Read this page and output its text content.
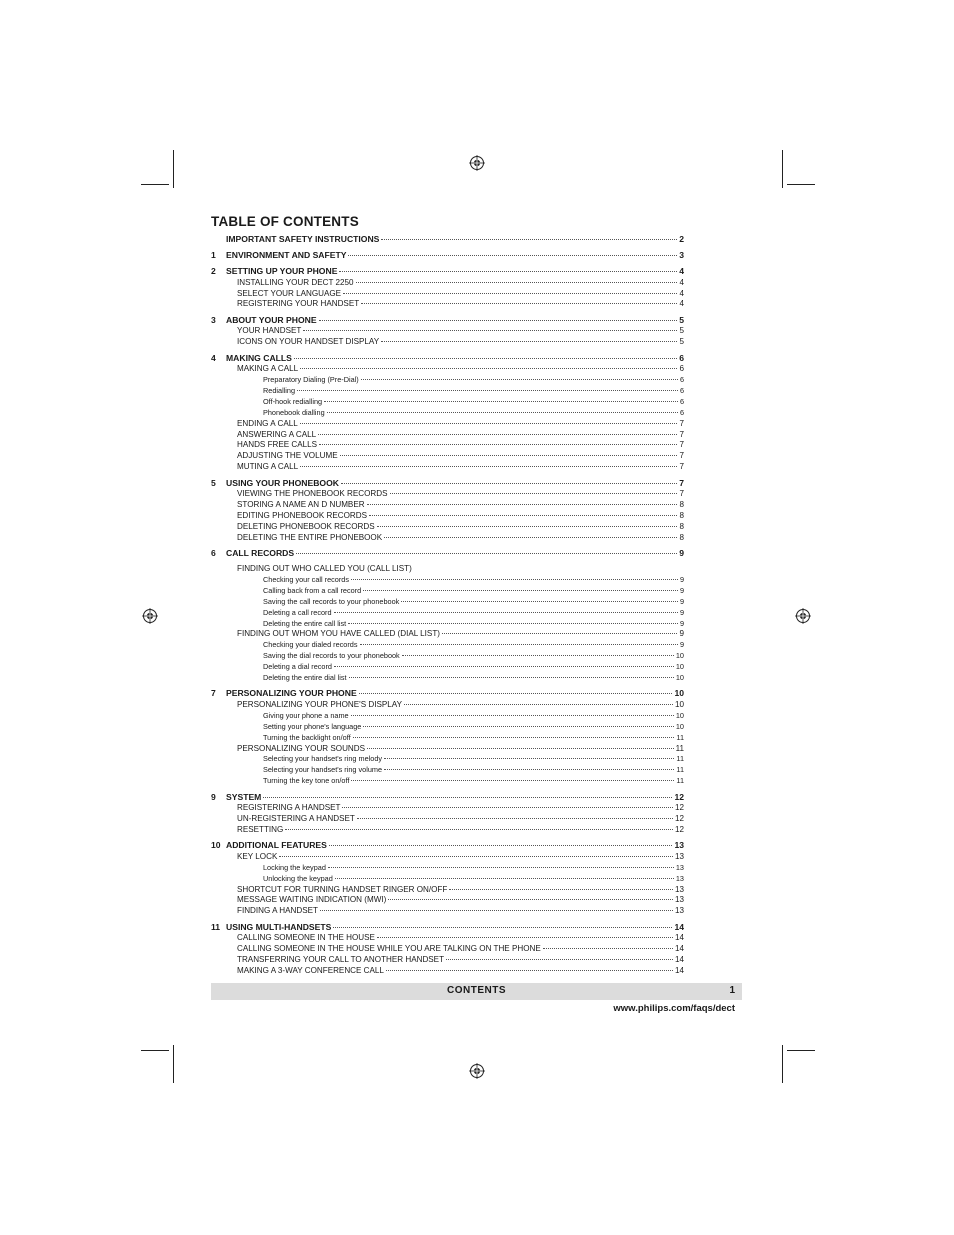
TABLE OF CONTENTS
IMPORTANT SAFETY INSTRUCTIONS	2
1	ENVIRONMENT AND SAFETY	3
2	SETTING UP YOUR PHONE	4
INSTALLING YOUR DECT 2250	4
SELECT YOUR LANGUAGE	4
REGISTERING YOUR HANDSET	4
3	ABOUT YOUR PHONE	5
YOUR HANDSET	5
ICONS ON YOUR HANDSET DISPLAY	5
4	MAKING CALLS	6
MAKING A CALL	6
Preparatory Dialing (Pre-Dial)	6
Redialling	6
Off-hook redialling	6
Phonebook dialling	6
ENDING A CALL	7
ANSWERING A CALL	7
HANDS FREE CALLS	7
ADJUSTING THE VOLUME	7
MUTING A CALL	7
5	USING YOUR PHONEBOOK	7
VIEWING THE PHONEBOOK RECORDS	7
STORING A NAME AN D NUMBER	8
EDITING PHONEBOOK RECORDS	8
DELETING PHONEBOOK RECORDS	8
DELETING THE ENTIRE PHONEBOOK	8
6	CALL RECORDS	9
FINDING OUT WHO CALLED YOU (CALL LIST)
Checking your call records	9
Calling back from a call record	9
Saving the call records to your phonebook	9
Deleting a call record	9
Deleting the entire call list	9
FINDING OUT WHOM YOU HAVE CALLED (DIAL LIST)	9
Checking your dialed records	9
Saving the dial records to your phonebook	10
Deleting a dial record	10
Deleting the entire dial list	10
7	PERSONALIZING YOUR PHONE	10
PERSONALIZING YOUR PHONE'S DISPLAY	10
Giving your phone a name	10
Setting your phone's language	10
Turning the backlight on/off	11
PERSONALIZING YOUR SOUNDS	11
Selecting your handset's ring melody	11
Selecting your handset's ring volume	11
Turning the key tone on/off	11
9	SYSTEM	12
REGISTERING A HANDSET	12
UN-REGISTERING A HANDSET	12
RESETTING	12
10 ADDITIONAL FEATURES	13
KEY LOCK	13
Locking the keypad	13
Unlocking the keypad	13
SHORTCUT FOR TURNING HANDSET RINGER ON/OFF	13
MESSAGE WAITING INDICATION (MWI)	13
FINDING A HANDSET	13
11 USING MULTI-HANDSETS	14
CALLING SOMEONE IN THE HOUSE	14
CALLING SOMEONE IN THE HOUSE WHILE YOU ARE TALKING ON THE PHONE	14
TRANSFERRING YOUR CALL TO ANOTHER HANDSET	14
MAKING A 3-WAY CONFERENCE CALL	14
CONTENTS	1
www.philips.com/faqs/dect
